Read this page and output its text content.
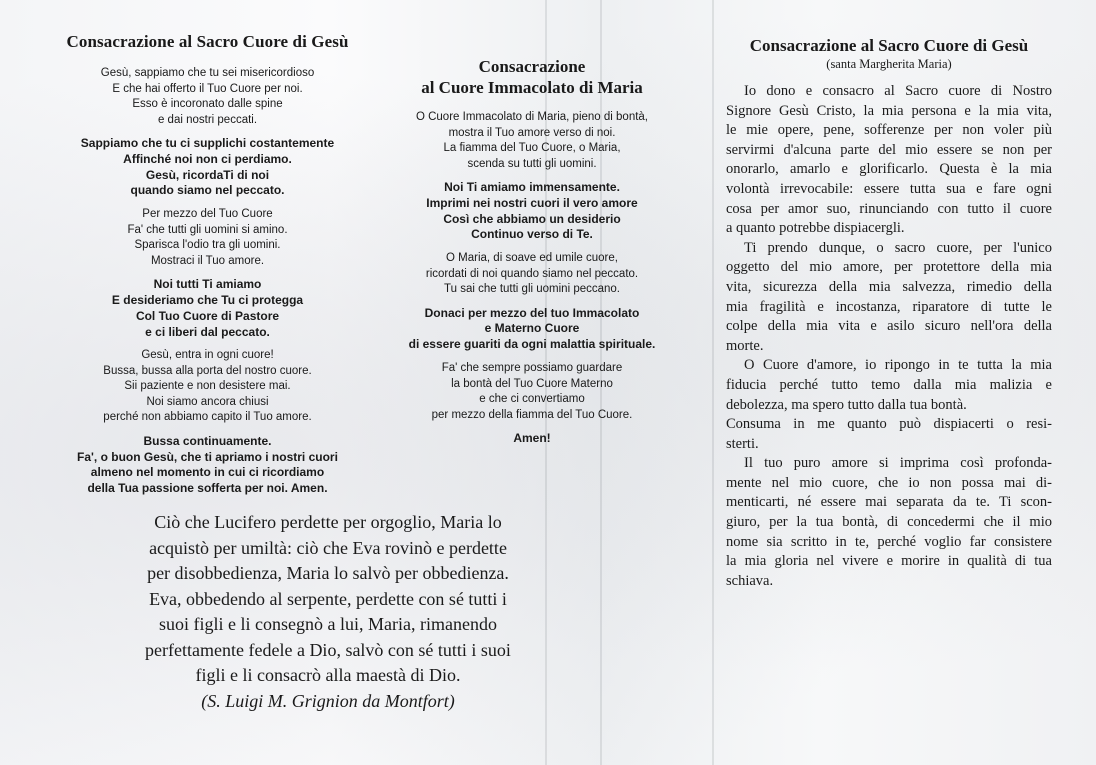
Consacrazione al Sacro Cuore di Gesù
Gesù, sappiamo che tu sei misericordioso
E che hai offerto il Tuo Cuore per noi.
Esso è incoronato dalle spine
e dai nostri peccati.
Sappiamo che tu ci supplichi costantemente
Affinché noi non ci perdiamo.
Gesù, ricordaTi di noi
quando siamo nel peccato.
Per mezzo del Tuo Cuore
Fa' che tutti gli uomini si amino.
Sparisca l'odio tra gli uomini.
Mostraci il Tuo amore.
Noi tutti Ti amiamo
E desideriamo che Tu ci protegga
Col Tuo Cuore di Pastore
e ci liberi dal peccato.
Gesù, entra in ogni cuore!
Bussa, bussa alla porta del nostro cuore.
Sii paziente e non desistere mai.
Noi siamo ancora chiusi
perché non abbiamo capito il Tuo amore.
Bussa continuamente.
Fa', o buon Gesù, che ti apriamo i nostri cuori
almeno nel momento in cui ci ricordiamo
della Tua passione sofferta per noi. Amen.
Consacrazione
al Cuore Immacolato di Maria
O Cuore Immacolato di Maria, pieno di bontà,
mostra il Tuo amore verso di noi.
La fiamma del Tuo Cuore, o Maria,
scenda su tutti gli uomini.
Noi Ti amiamo immensamente.
Imprimi nei nostri cuori il vero amore
Così che abbiamo un desiderio
Continuo verso di Te.
O Maria, di soave ed umile cuore,
ricordati di noi quando siamo nel peccato.
Tu sai che tutti gli uomini peccano.
Donaci per mezzo del tuo Immacolato
e Materno Cuore
di essere guariti da ogni malattia spirituale.
Fa' che sempre possiamo guardare
la bontà del Tuo Cuore Materno
e che ci convertiamo
per mezzo della fiamma del Tuo Cuore.
Amen!
Consacrazione al Sacro Cuore di Gesù
(santa Margherita Maria)
Io dono e consacro al Sacro cuore di Nostro
Signore Gesù Cristo, la mia persona e la mia vita,
le mie opere, pene, sofferenze per non voler più
servirmi d'alcuna parte del mio essere se non per
onorarlo, amarlo e glorificarlo. Questa è la mia
volontà irrevocabile: essere tutta sua e fare ogni
cosa per amor suo, rinunciando con tutto il cuore
a quanto potrebbe dispiacergli.
Ti prendo dunque, o sacro cuore, per l'unico
oggetto del mio amore, per protettore della mia
vita, sicurezza della mia salvezza, rimedio della
mia fragilità e incostanza, riparatore di tutte le
colpe della mia vita e asilo sicuro nell'ora della
morte.
O Cuore d'amore, io ripongo in te tutta la mia
fiducia perché tutto temo dalla mia malizia e
debolezza, ma spero tutto dalla tua bontà.
Consuma in me quanto può dispiacerti o resi-
sterti.
Il tuo puro amore si imprima così profonda-
mente nel mio cuore, che io non possa mai di-
menticarti, né essere mai separata da te. Ti scon-
giuro, per la tua bontà, di concedermi che il mio
nome sia scritto in te, perché voglio far consistere
la mia gloria nel vivere e morire in qualità di tua
schiava.
Ciò che Lucifero perdette per orgoglio, Maria lo
acquistò per umiltà: ciò che Eva rovinò e perdette
per disobbedienza, Maria lo salvò per obbedienza.
Eva, obbedendo al serpente, perdette con sé tutti i
suoi figli e li consegnò a lui, Maria, rimanendo
perfettamente fedele a Dio, salvò con sé tutti i suoi
figli e li consacrò alla maestà di Dio.
(S. Luigi M. Grignion da Montfort)
